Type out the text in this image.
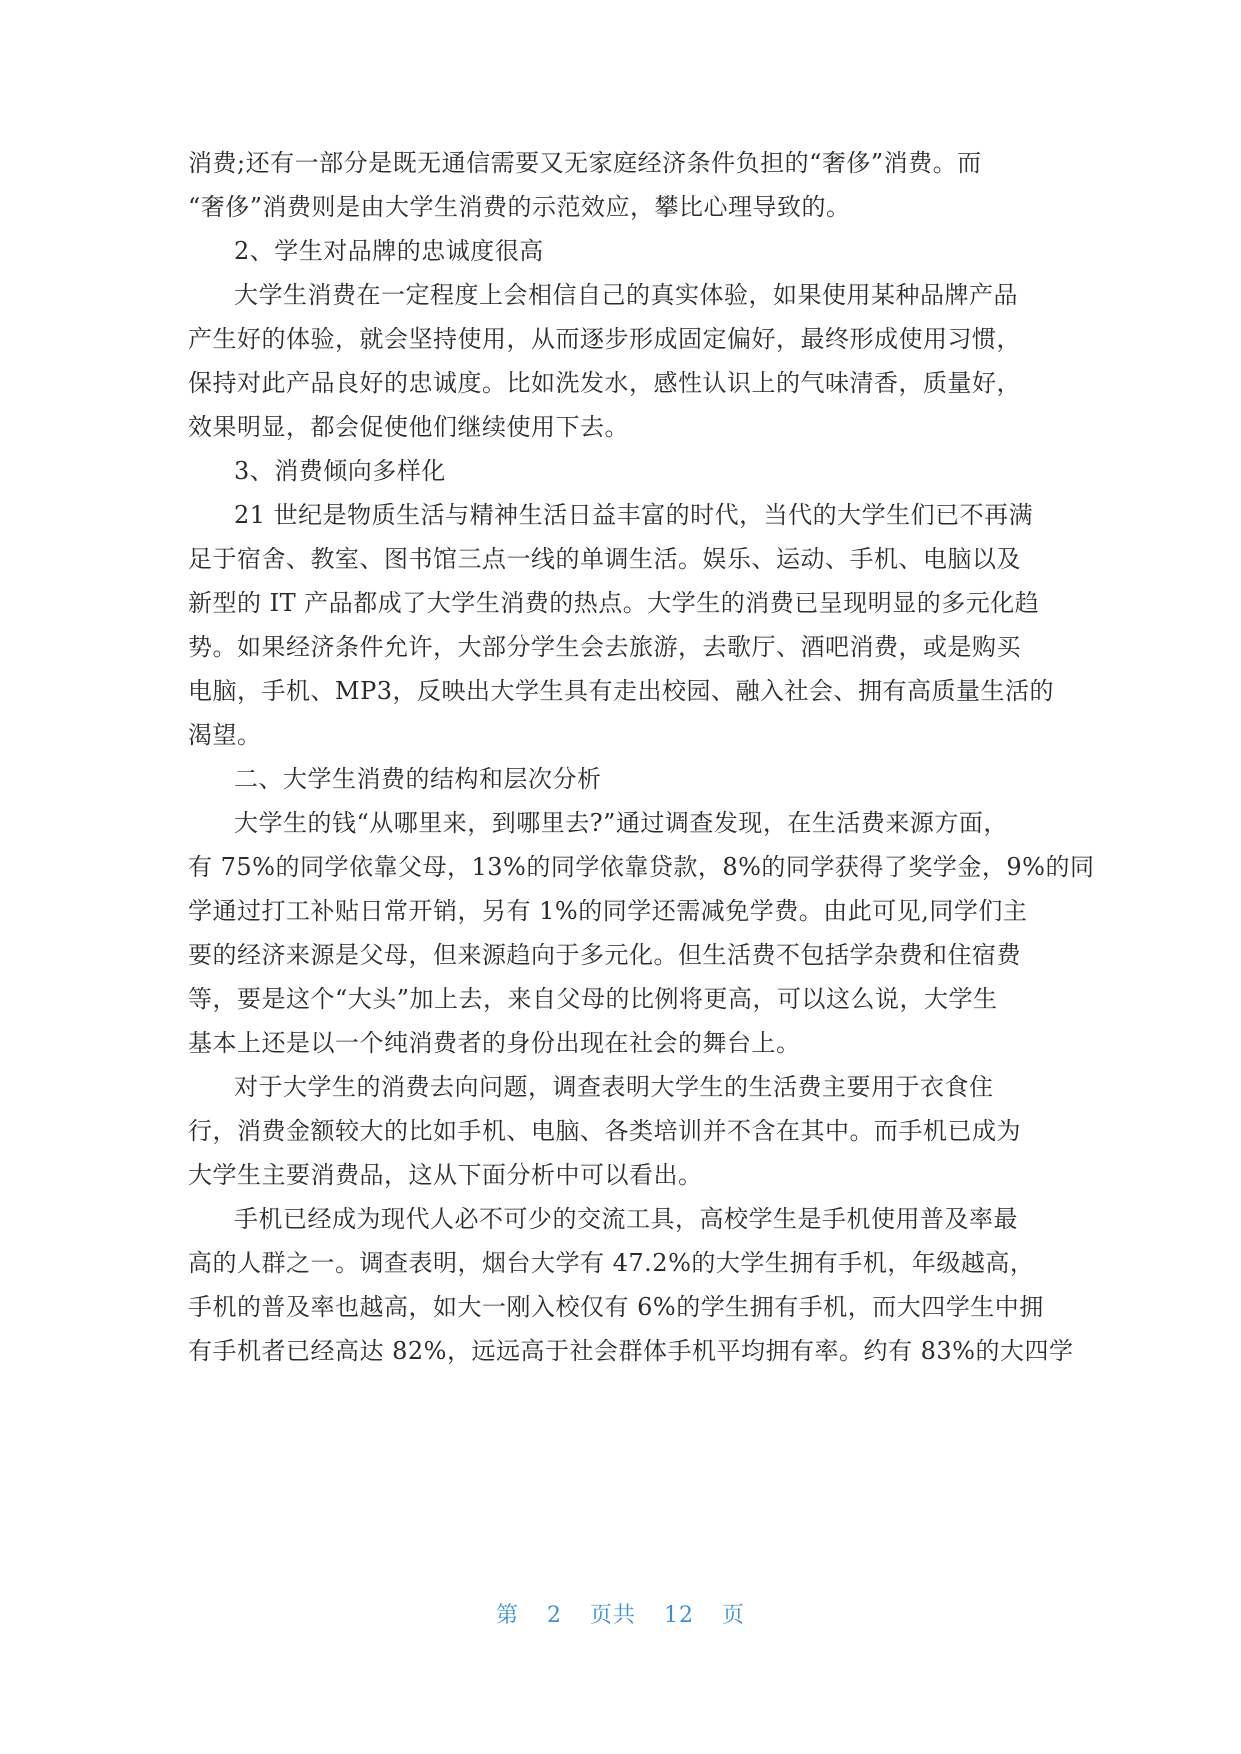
消费;还有一部分是既无通信需要又无家庭经济条件负担的“奢侈”消费。而
“奢侈”消费则是由大学生消费的示范效应，攀比心理导致的。
2、学生对品牌的忠诚度很高
大学生消费在一定程度上会相信自己的真实体验，如果使用某种品牌产品
产生好的体验，就会坚持使用，从而逐步形成固定偏好，最终形成使用习惯，
保持对此产品良好的忠诚度。比如洗发水，感性认识上的气味清香，质量好，
效果明显，都会促使他们继续使用下去。
3、消费倾向多样化
21 世纪是物质生活与精神生活日益丰富的时代，当代的大学生们已不再满
足于宿舍、教室、图书馆三点一线的单调生活。娱乐、运动、手机、电脑以及
新型的 IT 产品都成了大学生消费的热点。大学生的消费已呈现明显的多元化趋
势。如果经济条件允许，大部分学生会去旅游，去歌厅、酒吧消费，或是购买
电脑，手机、MP3，反映出大学生具有走出校园、融入社会、拥有高质量生活的
渴望。
二、大学生消费的结构和层次分析
大学生的钱“从哪里来，到哪里去?”通过调查发现，在生活费来源方面，
有 75%的同学依靠父母，13%的同学依靠贷款，8%的同学获得了奖学金，9%的同
学通过打工补贴日常开销，另有 1%的同学还需减免学费。由此可见,同学们主
要的经济来源是父母，但来源趋向于多元化。但生活费不包括学杂费和住宿费
等，要是这个“大头”加上去，来自父母的比例将更高，可以这么说，大学生
基本上还是以一个纯消费者的身份出现在社会的舞台上。
对于大学生的消费去向问题，调查表明大学生的生活费主要用于衣食住
行，消费金额较大的比如手机、电脑、各类培训并不含在其中。而手机已成为
大学生主要消费品，这从下面分析中可以看出。
手机已经成为现代人必不可少的交流工具，高校学生是手机使用普及率最
高的人群之一。调查表明，烟台大学有 47.2%的大学生拥有手机，年级越高，
手机的普及率也越高，如大一刚入校仅有 6%的学生拥有手机，而大四学生中拥
有手机者已经高达 82%，远远高于社会群体手机平均拥有率。约有 83%的大四学
第 2 页共 12 页
